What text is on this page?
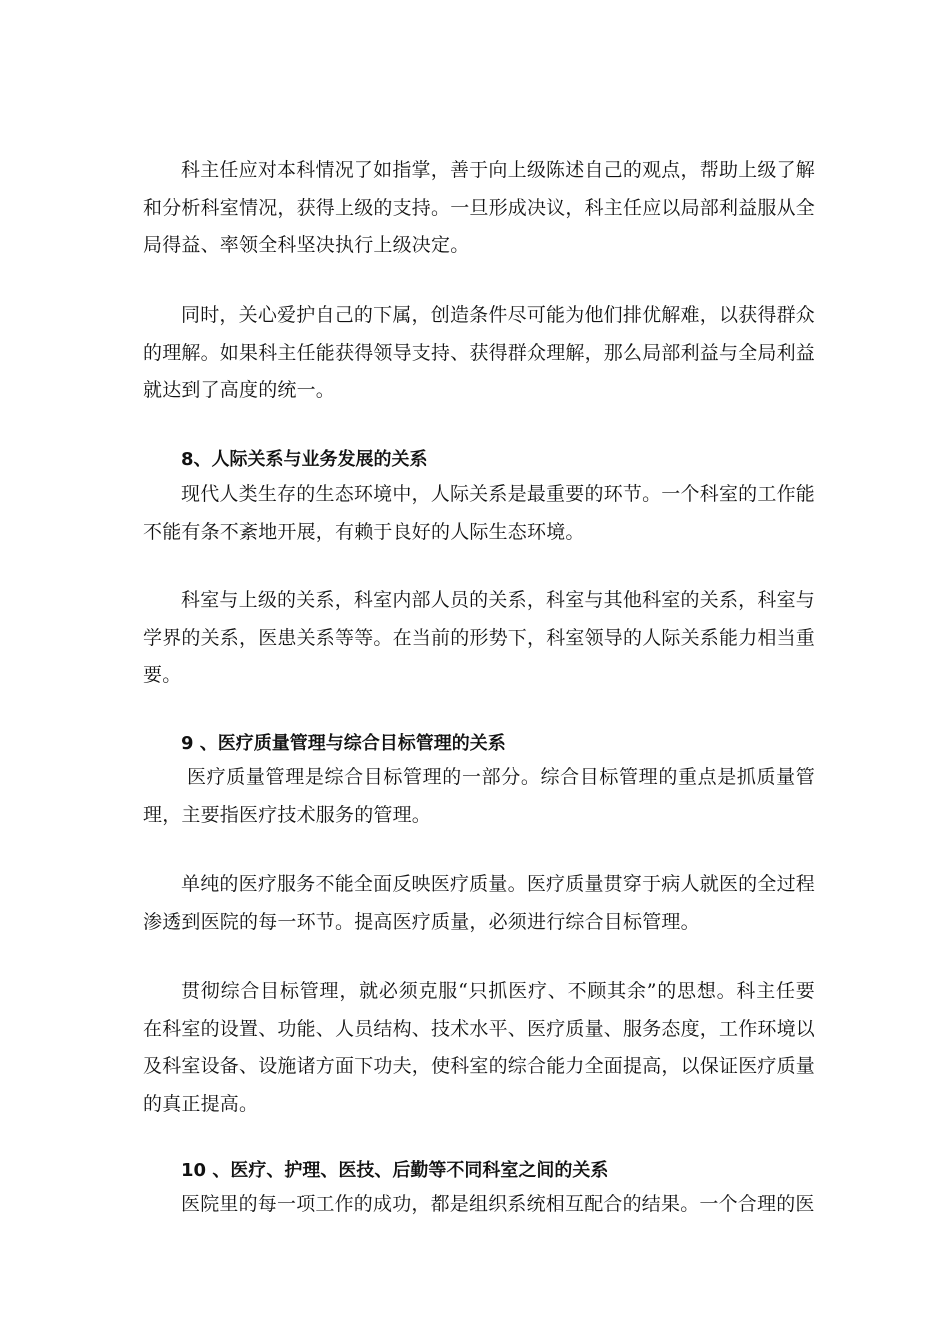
科主任应对本科情况了如指掌，善于向上级陈述自己的观点，帮助上级了解和分析科室情况，获得上级的支持。一旦形成决议，科主任应以局部利益服从全局得益、率领全科坚决执行上级决定。

同时，关心爱护自己的下属，创造条件尽可能为他们排优解难，以获得群众的理解。如果科主任能获得领导支持、获得群众理解，那么局部利益与全局利益就达到了高度的统一。

8、人际关系与业务发展的关系

现代人类生存的生态环境中，人际关系是最重要的环节。一个科室的工作能不能有条不紊地开展，有赖于良好的人际生态环境。

科室与上级的关系，科室内部人员的关系，科室与其他科室的关系，科室与学界的关系，医患关系等等。在当前的形势下，科室领导的人际关系能力相当重要。

9 、医疗质量管理与综合目标管理的关系

医疗质量管理是综合目标管理的一部分。综合目标管理的重点是抓质量管理，主要指医疗技术服务的管理。

单纯的医疗服务不能全面反映医疗质量。医疗质量贯穿于病人就医的全过程渗透到医院的每一环节。提高医疗质量，必须进行综合目标管理。

贯彻综合目标管理，就必须克服“只抓医疗、不顾其余”的思想。科主任要在科室的设置、功能、人员结构、技术水平、医疗质量、服务态度，工作环境以及科室设备、设施诸方面下功夫，使科室的综合能力全面提高，以保证医疗质量的真正提高。

10 、医疗、护理、医技、后勤等不同科室之间的关系

医院里的每一项工作的成功，都是组织系统相互配合的结果。一个合理的医
